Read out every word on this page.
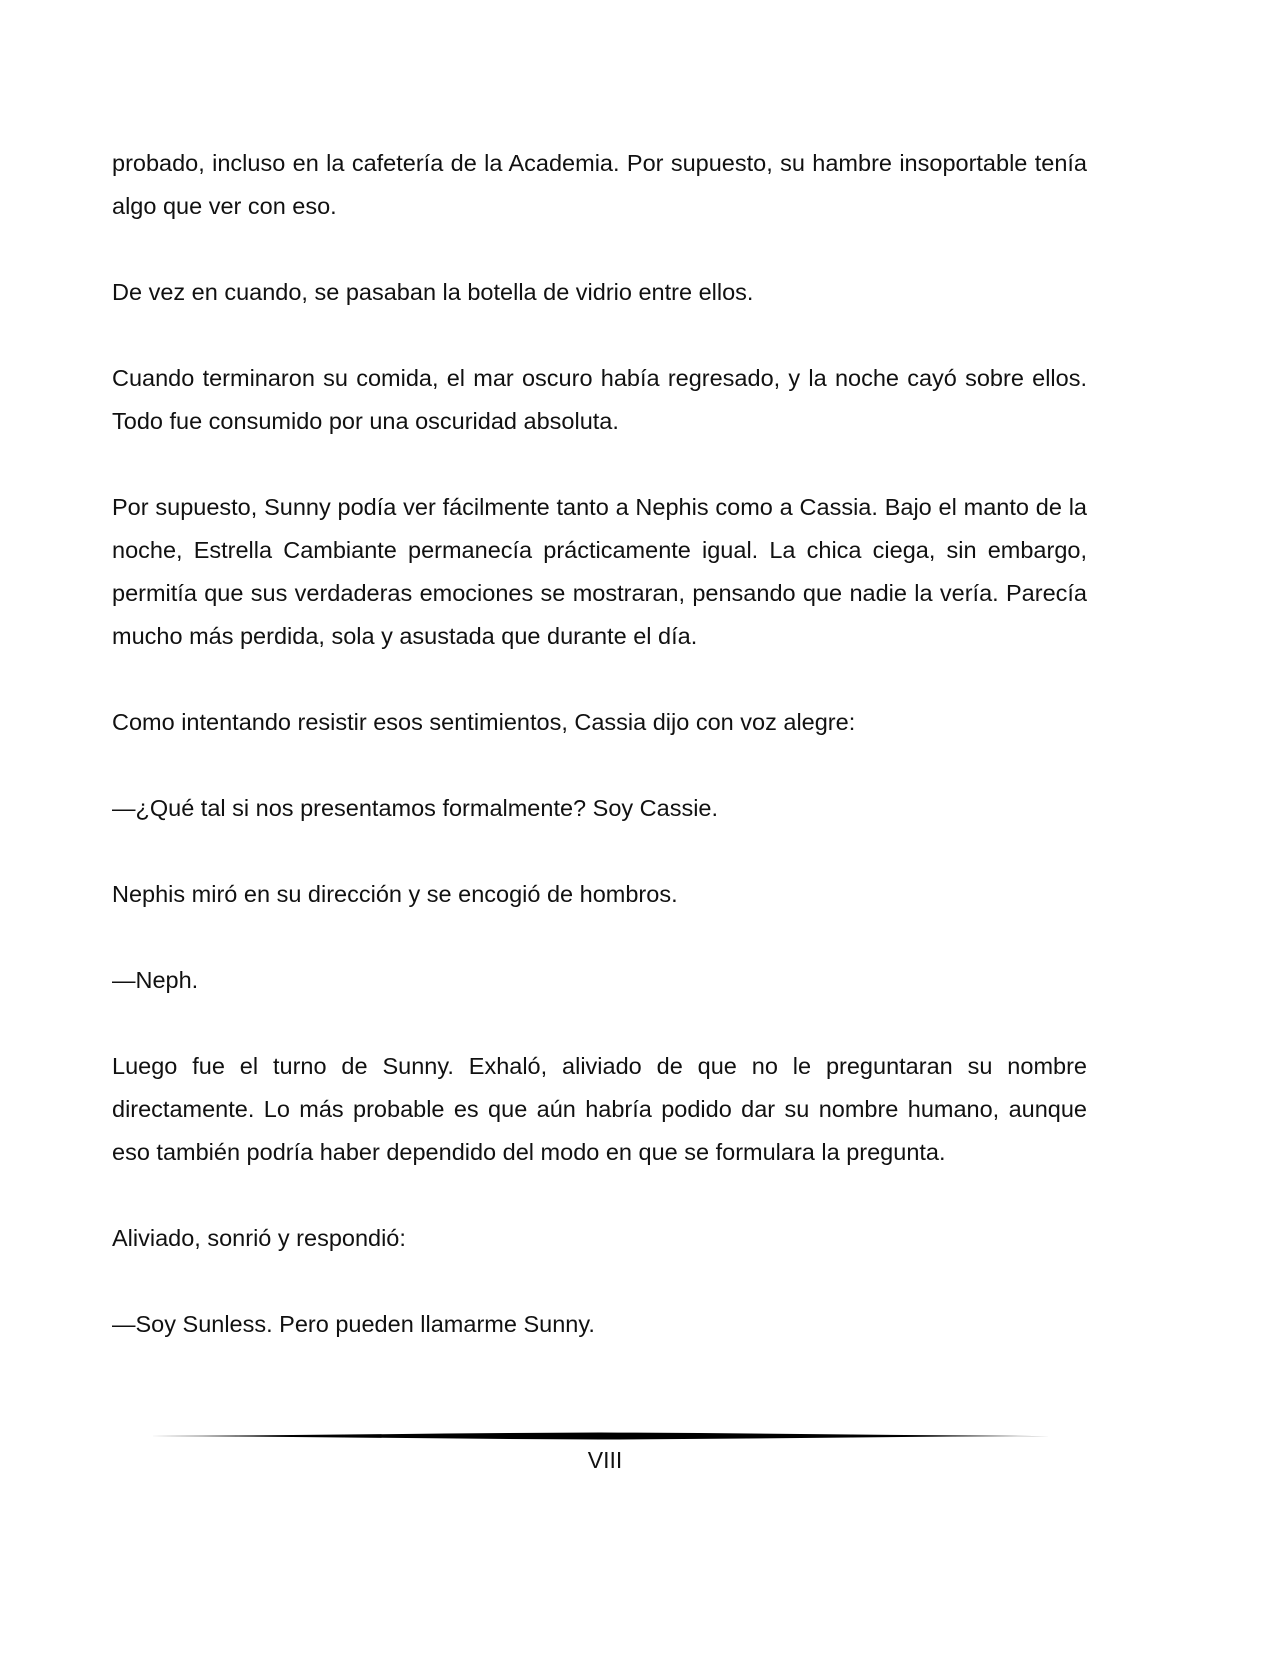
probado, incluso en la cafetería de la Academia. Por supuesto, su hambre insoportable tenía algo que ver con eso.

De vez en cuando, se pasaban la botella de vidrio entre ellos.

Cuando terminaron su comida, el mar oscuro había regresado, y la noche cayó sobre ellos. Todo fue consumido por una oscuridad absoluta.

Por supuesto, Sunny podía ver fácilmente tanto a Nephis como a Cassia. Bajo el manto de la noche, Estrella Cambiante permanecía prácticamente igual. La chica ciega, sin embargo, permitía que sus verdaderas emociones se mostraran, pensando que nadie la vería. Parecía mucho más perdida, sola y asustada que durante el día.

Como intentando resistir esos sentimientos, Cassia dijo con voz alegre:

—¿Qué tal si nos presentamos formalmente? Soy Cassie.

Nephis miró en su dirección y se encogió de hombros.

—Neph.

Luego fue el turno de Sunny. Exhaló, aliviado de que no le preguntaran su nombre directamente. Lo más probable es que aún habría podido dar su nombre humano, aunque eso también podría haber dependido del modo en que se formulara la pregunta.

Aliviado, sonrió y respondió:

—Soy Sunless. Pero pueden llamarme Sunny.

VIII
